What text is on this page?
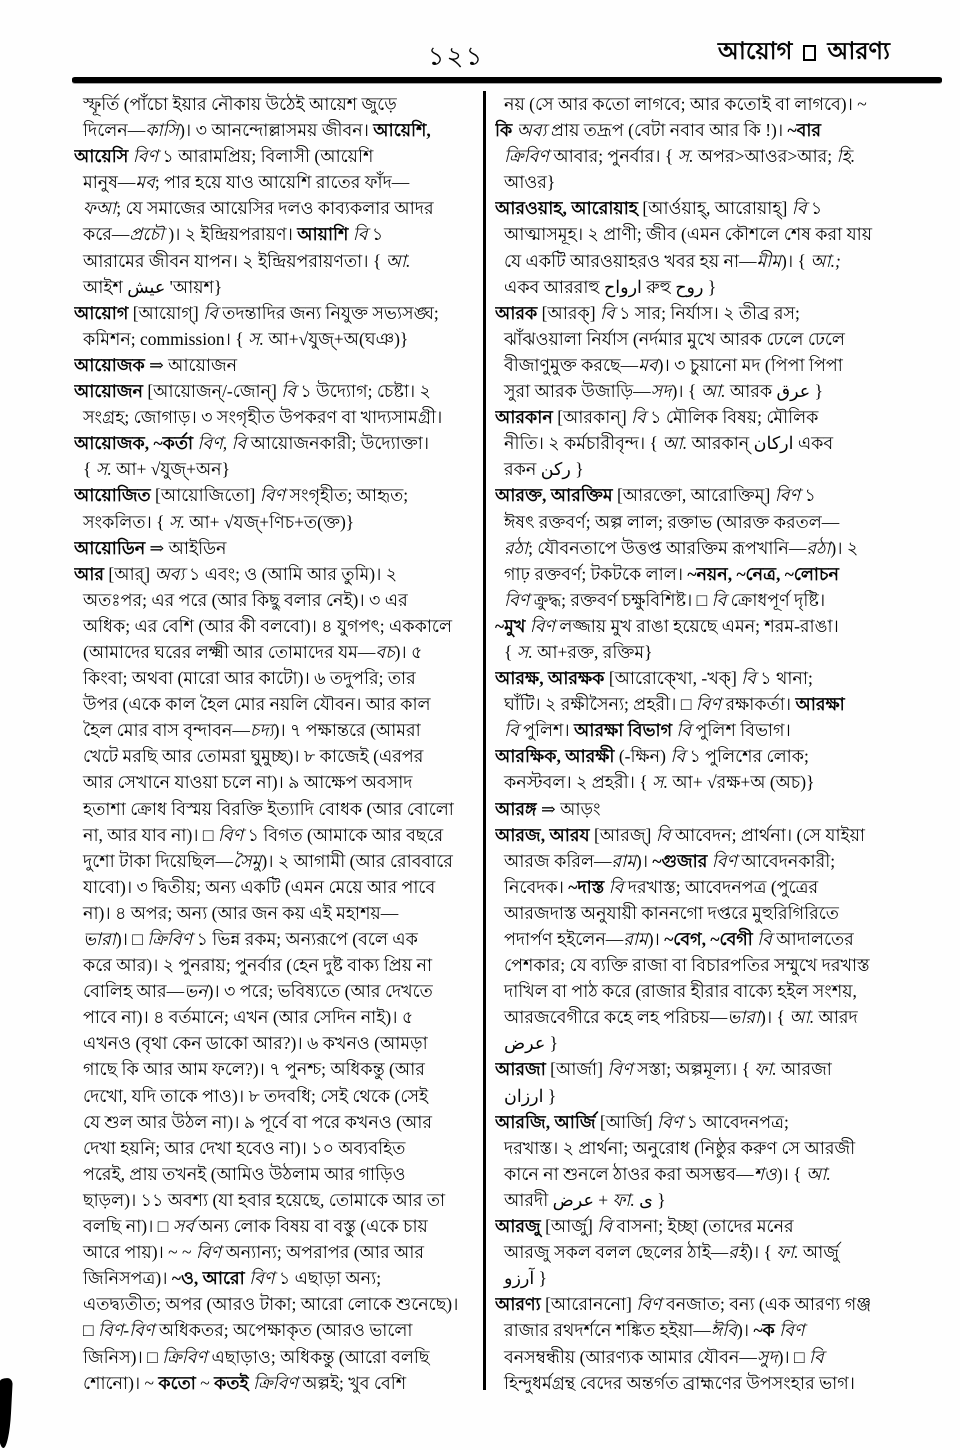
১২১	আয়োগ আরণ্য
স্ফূর্তি (পাঁচো ইয়ার নৌকায় উঠেই আয়েশ জুড়ে
দিলেন—কাসি)। ৩ আনন্দোল্লাসময় জীবন। আয়েশি,
আয়েসি বিণ ১ আরামপ্রিয়; বিলাসী (আয়েশি
মানুষ—মব; পার হয়ে যাও আয়েশি রাতের ফাঁদ—
ফআ; যে সমাজের আয়েসির দলও কাব্যকলার আদর
করে—প্রচৌ )। ২ ইন্দ্রিয়পরায়ণ। আয়াশি বি ১
আরামের জীবন যাপন। ২ ইন্দ্রিয়পরায়ণতা। { আ.
আইশ عيش 'আয়শ}
আয়োগ [আয়োগ্] বি তদন্তাদির জন্য নিযুক্ত সভ্যসঙ্ঘ;
কমিশন; commission। { স. আ+√যুজ্+অ(ঘঞ)}
আয়োজক ⇒ আয়োজন
আয়োজন [আয়োজন্/-জোন্] বি ১ উদ্যোগ; চেষ্টা। ২
সংগ্রহ; জোগাড়। ৩ সংগৃহীত উপকরণ বা খাদ্যসামগ্রী।
আয়োজক, ~কর্তা বিণ, বি আয়োজনকারী; উদ্যোক্তা।
{ স. আ+ √যুজ্+অন}
আয়োজিত [আয়োজিতো] বিণ সংগৃহীত; আহৃত;
সংকলিত। { স. আ+ √যজ্+ণিচ+ত(ক্ত)}
আয়োডিন ⇒ আইডিন
আর [আর্] অব্য ১ এবং; ও (আমি আর তুমি)। ২
অতঃপর; এর পরে (আর কিছু বলার নেই)। ৩ এর
অধিক; এর বেশি (আর কী বলবো)। ৪ যুগপৎ; এককালে
(আমাদের ঘরের লক্ষ্মী আর তোমাদের যম—বচ)। ৫
কিংবা; অথবা (মারো আর কাটো)। ৬ তদুপরি; তার
উপর (একে কাল হৈল মোর নয়লি যৌবন। আর কাল
হৈল মোর বাস বৃন্দাবন—চদ্য)। ৭ পক্ষান্তরে (আমরা
খেটে মরছি আর তোমরা ঘুমুচ্ছ)। ৮ কাজেই (এরপর
আর সেখানে যাওয়া চলে না)। ৯ আক্ষেপ অবসাদ
হতাশা ক্রোধ বিস্ময় বিরক্তি ইত্যাদি বোধক (আর বোলো
না, আর যাব না)। □ বিণ ১ বিগত (আমাকে আর বছরে
দুশো টাকা দিয়েছিল—সৈমু)। ২ আগামী (আর রোববারে
যাবো)। ৩ দ্বিতীয়; অন্য একটি (এমন মেয়ে আর পাবে
না)। ৪ অপর; অন্য (আর জন কয় এই মহাশয়—
ভারা)। □ ক্রিবিণ ১ ভিন্ন রকম; অন্যরূপে (বলে এক
করে আর)। ২ পুনরায়; পুনর্বার (হেন দুষ্ট বাক্য প্রিয় না
বোলিহ আর—ভন)। ৩ পরে; ভবিষ্যতে (আর দেখতে
পাবে না)। ৪ বর্তমানে; এখন (আর সেদিন নাই)। ৫
এখনও (বৃথা কেন ডাকো আর?)। ৬ কখনও (আমড়া
গাছে কি আর আম ফলে?)। ৭ পুনশ্চ; অধিকন্তু (আর
দেখো, যদি তাকে পাও)। ৮ তদবধি; সেই থেকে (সেই
যে শুল আর উঠল না)। ৯ পূর্বে বা পরে কখনও (আর
দেখা হয়নি; আর দেখা হবেও না)। ১০ অব্যবহিত
পরেই, প্রায় তখনই (আমিও উঠলাম আর গাড়িও
ছাড়ল)। ১১ অবশ্য (যা হবার হয়েছে, তোমাকে আর তা
বলছি না)। □ সর্ব অন্য লোক বিষয় বা বস্তু (একে চায়
আরে পায়)। ~ ~ বিণ অন্যান্য; অপরাপর (আর আর
জিনিসপত্র)। ~ও, আরো বিণ ১ এছাড়া অন্য;
এতদ্ব্যতীত; অপর (আরও টাকা; আরো লোকে শুনেছে)।
□ বিণ-বিণ অধিকতর; অপেক্ষাকৃত (আরও ভালো
জিনিস)। □ ক্রিবিণ এছাড়াও; অধিকন্তু (আরো বলছি
শোনো)। ~ কতো ~ কতই ক্রিবিণ অল্পই; খুব বেশি
নয় (সে আর কতো লাগবে; আর কতোই বা লাগবে)। ~
কি অব্য প্রায় তদ্রূপ (বেটা নবাব আর কি !)। ~বার
ক্রিবিণ আবার; পুনর্বার। { স. অপর>আওর>আর; হি.
আওর}
আরওয়াহ, আরোয়াহ [আর্ওয়াহ্, আরোয়াহ্] বি ১
আত্মাসমূহ। ২ প্রাণী; জীব (এমন কৌশলে শেষ করা যায়
যে একটি আরওয়াহরও খবর হয় না—মীম)। { আ.;
একব আররাহু ارواح রুহু روح }
আরক [আরক্] বি ১ সার; নির্যাস। ২ তীব্র রস;
ঝাঁঝওয়ালা নির্যাস (নর্দমার মুখে আরক ঢেলে ঢেলে
বীজাণুমুক্ত করছে—মব)। ৩ চুয়ানো মদ (পিপা পিপা
সুরা আরক উজাড়ি—সদ)। { আ. আরক عرق }
আরকান [আরকান্] বি ১ মৌলিক বিষয়; মৌলিক
নীতি। ২ কর্মচারীবৃন্দ। { আ. আরকান্ اركان একব
রকন ركن }
আরক্ত, আরক্তিম [আরক্তো, আরোক্তিম্] বিণ ১
ঈষৎ রক্তবর্ণ; অল্প লাল; রক্তাভ (আরক্ত করতল—
রঠা; যৌবনতাপে উত্তপ্ত আরক্তিম রূপখানি—রঠা)। ২
গাঢ় রক্তবর্ণ; টকটকে লাল। ~নয়ন, ~নেত্র, ~লোচন
বিণ ক্রুদ্ধ; রক্তবর্ণ চক্ষুবিশিষ্ট। □ বি ক্রোধপূর্ণ দৃষ্টি।
~মুখ বিণ লজ্জায় মুখ রাঙা হয়েছে এমন; শরম-রাঙা।
{ স. আ+রক্ত, রক্তিম}
আরক্ষ, আরক্ষক [আরোক্খো, -খক্] বি ১ থানা;
ঘাঁটি। ২ রক্ষীসৈন্য; প্রহরী। □ বিণ রক্ষাকর্তা। আরক্ষা
বি পুলিশ। আরক্ষা বিভাগ বি পুলিশ বিভাগ।
আরক্ষিক, আরক্ষী (-ক্ষিন) বি ১ পুলিশের লোক;
কনস্টবল। ২ প্রহরী। { স. আ+ √রক্ষ+অ (অচ)}
আরঙ্গ ⇒ আড়ং
আরজ, আরয [আরজ্] বি আবেদন; প্রার্থনা। (সে যাইয়া
আরজ করিল—রাম)। ~গুজার বিণ আবেদনকারী;
নিবেদক। ~দাস্ত বি দরখাস্ত; আবেদনপত্র (পুত্রের
আরজদাস্ত অনুযায়ী কাননগো দপ্তরে মুহুরিগিরিতে
পদার্পণ হইলেন—রাম)। ~বেগ, ~বেগী বি আদালতের
পেশকার; যে ব্যক্তি রাজা বা বিচারপতির সম্মুখে দরখাস্ত
দাখিল বা পাঠ করে (রাজার হীরার বাক্যে হইল সংশয়,
আরজবেগীরে কহে লহ পরিচয়—ভারা)। { আ. আরদ
عرض }
আরজা [আর্জা] বিণ সস্তা; অল্পমূল্য। { ফা. আরজা
ارزان }
আরজি, আর্জি [আর্জি] বিণ ১ আবেদনপত্র;
দরখাস্ত। ২ প্রার্থনা; অনুরোধ (নিষ্ঠুর করুণ সে আরজী
কানে না শুনলে ঠাওর করা অসম্ভব—শও)। { আ.
আরদী عرض + ফা. ى }
আরজু [আর্জু] বি বাসনা; ইচ্ছা (তাদের মনের
আরজু সকল বলল ছেলের ঠাই—রই)। { ফা. আর্জু
آرزو }
আরণ্য [আরোননো] বিণ বনজাত; বন্য (এক আরণ্য গঞ্জ
রাজার রথদর্শনে শঙ্কিত হইয়া—ঈবি)। ~ক বিণ
বনসম্বন্ধীয় (আরণ্যক আমার যৌবন—সুদ)। □ বি
হিন্দুধর্মগ্রন্থ বেদের অন্তর্গত ব্রাহ্মণের উপসংহার ভাগ।
